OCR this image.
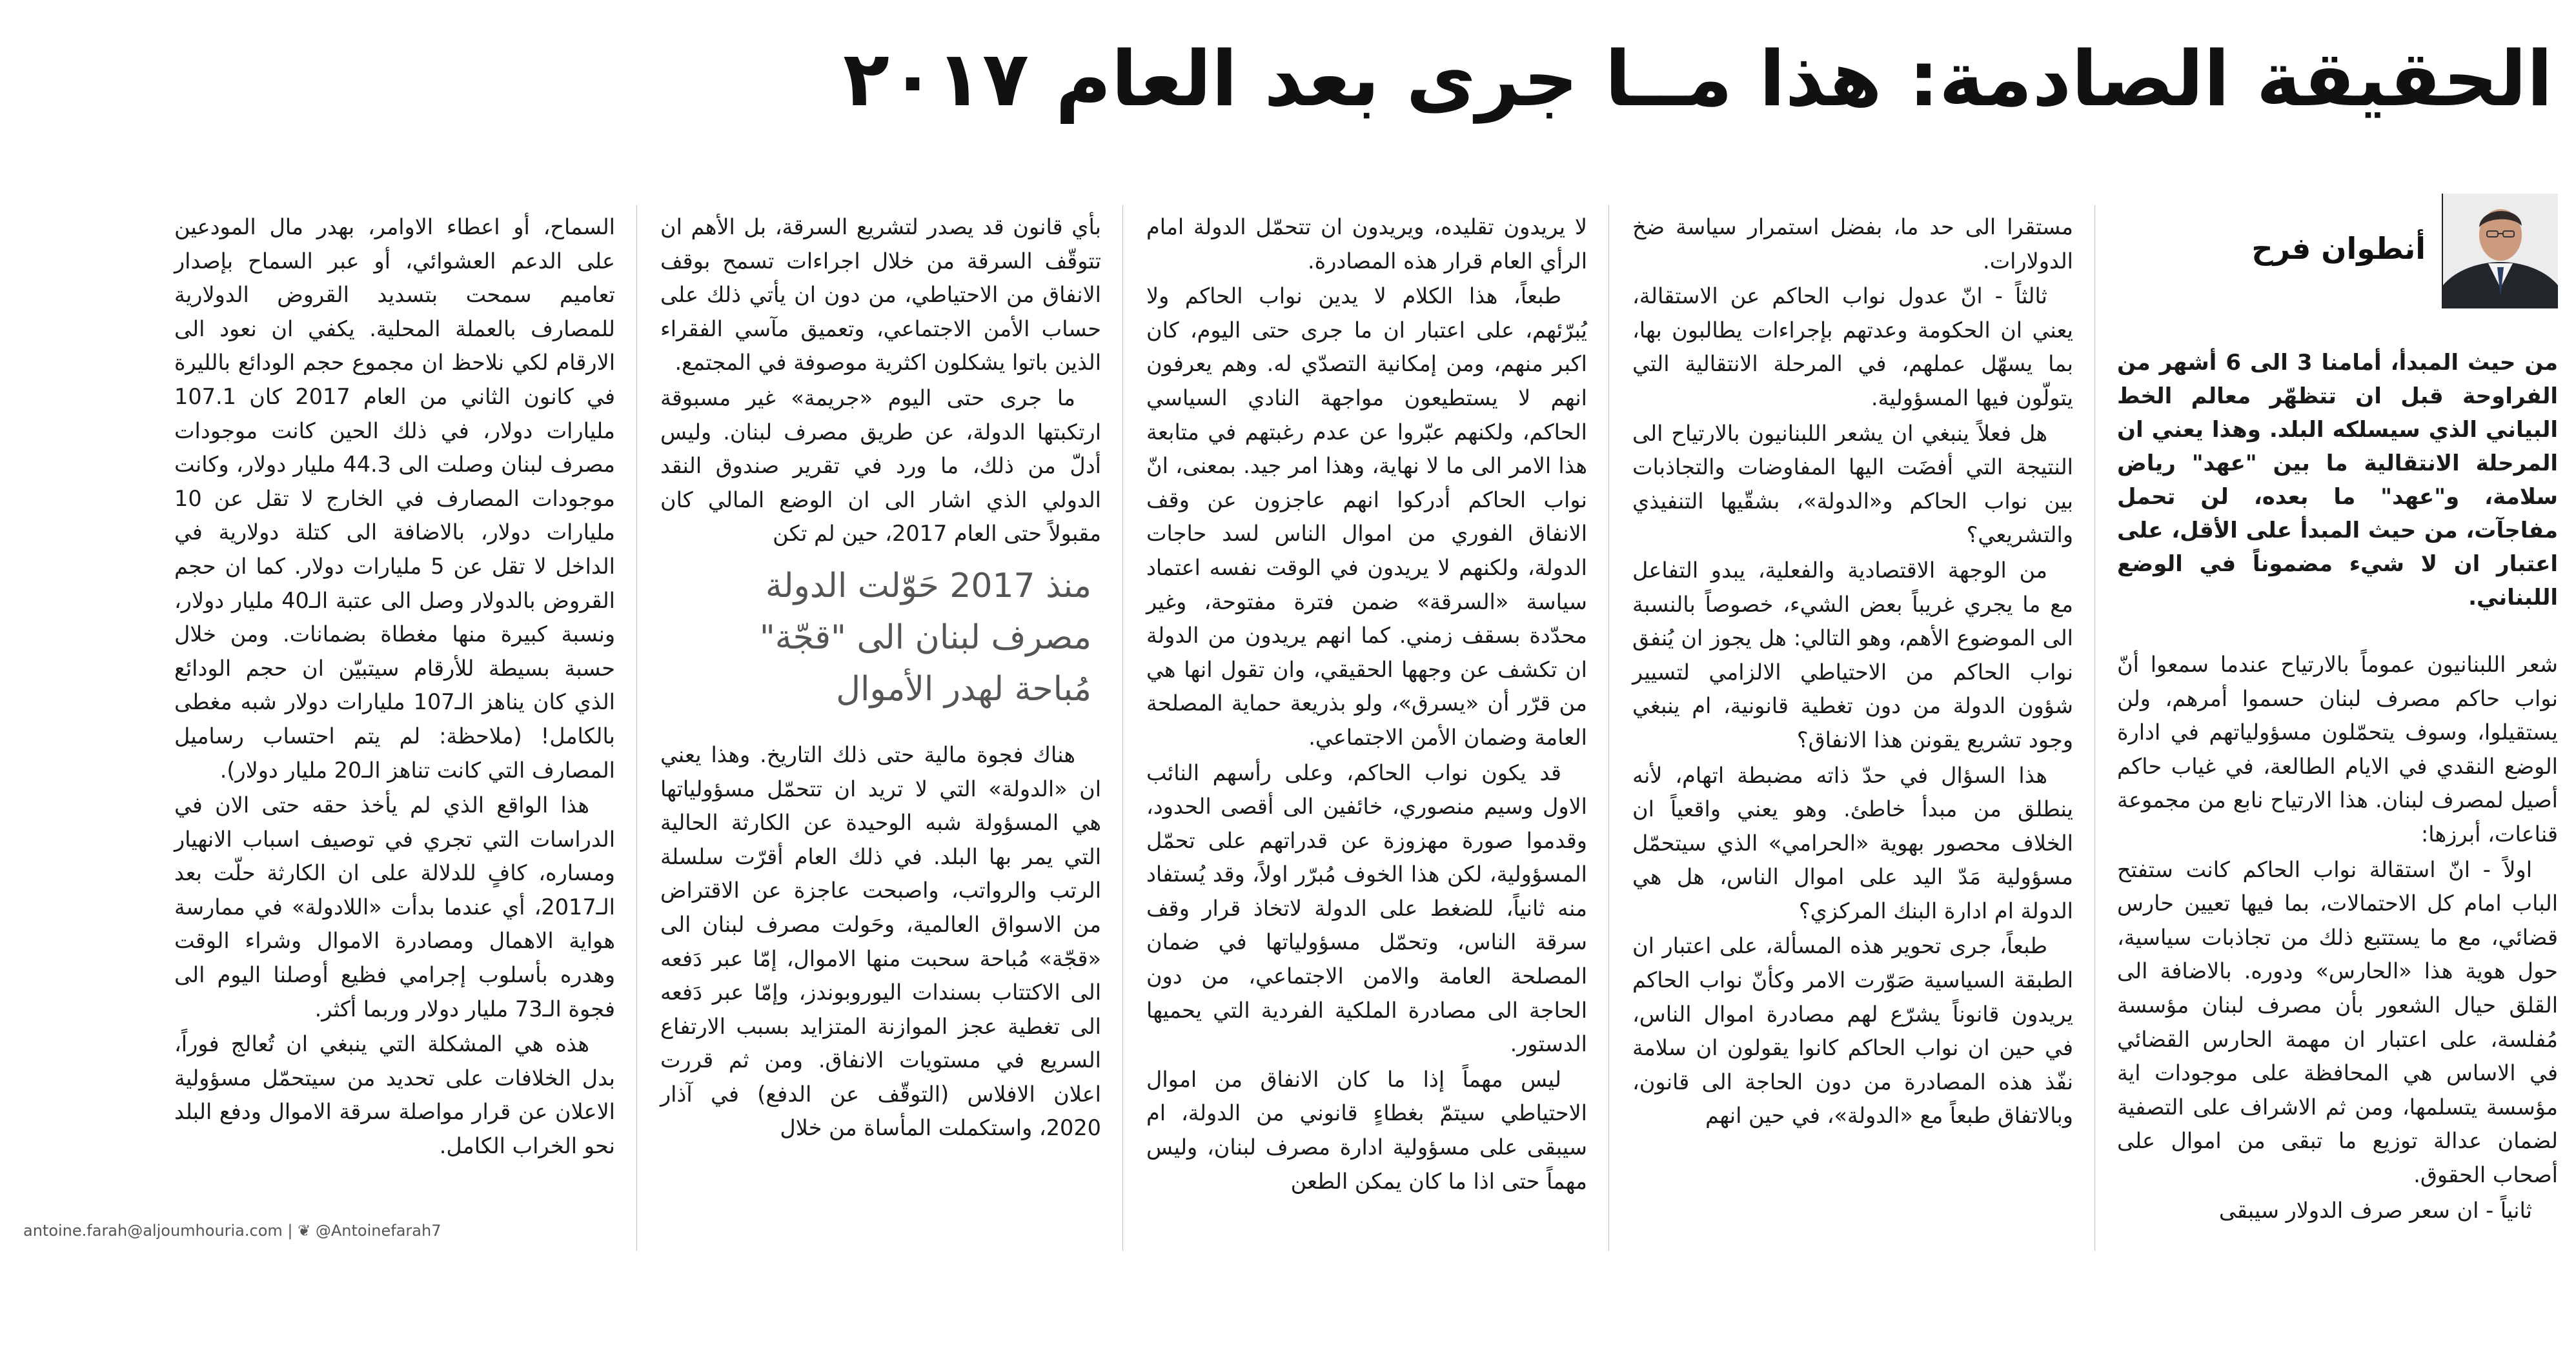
الحقيقة الصادمة: هذا مــا جرى بعد العام ٢٠١٧
أنطوان فرح

من حيث المبدأ، أمامنا 3 الى 6 أشهر من الفراوحة قبل ان تتظهّر معالم الخط البياني الذي سيسلكه البلد. وهذا يعني ان المرحلة الانتقالية ما بين "عهد" رياض سلامة، و"عهد" ما بعده، لن تحمل مفاجآت، من حيث المبدأ على الأقل، على اعتبار ان لا شيء مضموناً في الوضع اللبناني.

شعر اللبنانيون عموماً بالارتياح عندما سمعوا أنّ نواب حاكم مصرف لبنان حسموا أمرهم، ولن يستقيلوا، وسوف يتحمّلون مسؤولياتهم في ادارة الوضع النقدي في الايام الطالعة، في غياب حاكم أصيل لمصرف لبنان. هذا الارتياح نابع من مجموعة قناعات، أبرزها:

اولاً - انّ استقالة نواب الحاكم كانت ستفتح الباب امام كل الاحتمالات، بما فيها تعيين حارس قضائي، مع ما يستتبع ذلك من تجاذبات سياسية، حول هوية هذا «الحارس» ودوره. بالاضافة الى القلق حيال الشعور بأن مصرف لبنان مؤسسة مُفلسة، على اعتبار ان مهمة الحارس القضائي في الاساس هي المحافظة على موجودات اية مؤسسة يتسلمها، ومن ثم الاشراف على التصفية لضمان عدالة توزيع ما تبقى من اموال على أصحاب الحقوق.

ثانياً - ان سعر صرف الدولار سيبقى

مستقرا الى حد ما، بفضل استمرار سياسة ضخ الدولارات.

ثالثاً - انّ عدول نواب الحاكم عن الاستقالة، يعني ان الحكومة وعدتهم بإجراءات يطالبون بها، بما يسهّل عملهم، في المرحلة الانتقالية التي يتولّون فيها المسؤولية.

هل فعلاً ينبغي ان يشعر اللبنانيون بالارتياح الى النتيجة التي أفضَت اليها المفاوضات والتجاذبات بين نواب الحاكم و«الدولة»، بشقّيها التنفيذي والتشريعي؟

من الوجهة الاقتصادية والفعلية، يبدو التفاعل مع ما يجري غريباً بعض الشيء، خصوصاً بالنسبة الى الموضوع الأهم، وهو التالي: هل يجوز ان يُنفق نواب الحاكم من الاحتياطي الالزامي لتسيير شؤون الدولة من دون تغطية قانونية، ام ينبغي وجود تشريع يقونن هذا الانفاق؟

هذا السؤال في حدّ ذاته مضبطة اتهام، لأنه ينطلق من مبدأ خاطئ. وهو يعني واقعياً ان الخلاف محصور بهوية «الحرامي» الذي سيتحمّل مسؤولية مَدّ اليد على اموال الناس، هل هي الدولة ام ادارة البنك المركزي؟

طبعاً، جرى تحوير هذه المسألة، على اعتبار ان الطبقة السياسية صَوّرت الامر وكأنّ نواب الحاكم يريدون قانوناً يشرّع لهم مصادرة اموال الناس، في حين ان نواب الحاكم كانوا يقولون ان سلامة نفّذ هذه المصادرة من دون الحاجة الى قانون، وبالاتفاق طبعاً مع «الدولة»، في حين انهم

لا يريدون تقليده، ويريدون ان تتحمّل الدولة امام الرأي العام قرار هذه المصادرة.

طبعاً، هذا الكلام لا يدين نواب الحاكم ولا يُبرّئهم، على اعتبار ان ما جرى حتى اليوم، كان اكبر منهم، ومن إمكانية التصدّي له. وهم يعرفون انهم لا يستطيعون مواجهة النادي السياسي الحاكم، ولكنهم عبّروا عن عدم رغبتهم في متابعة هذا الامر الى ما لا نهاية، وهذا امر جيد. بمعنى، انّ نواب الحاكم أدركوا انهم عاجزون عن وقف الانفاق الفوري من اموال الناس لسد حاجات الدولة، ولكنهم لا يريدون في الوقت نفسه اعتماد سياسة «السرقة» ضمن فترة مفتوحة، وغير محدّدة بسقف زمني. كما انهم يريدون من الدولة ان تكشف عن وجهها الحقيقي، وان تقول انها هي من قرّر أن «يسرق»، ولو بذريعة حماية المصلحة العامة وضمان الأمن الاجتماعي.

قد يكون نواب الحاكم، وعلى رأسهم النائب الاول وسيم منصوري، خائفين الى أقصى الحدود، وقدموا صورة مهزوزة عن قدراتهم على تحمّل المسؤولية، لكن هذا الخوف مُبرّر اولاً، وقد يُستفاد منه ثانياً، للضغط على الدولة لاتخاذ قرار وقف سرقة الناس، وتحمّل مسؤولياتها في ضمان المصلحة العامة والامن الاجتماعي، من دون الحاجة الى مصادرة الملكية الفردية التي يحميها الدستور.

ليس مهماً إذا ما كان الانفاق من اموال الاحتياطي سيتمّ بغطاءٍ قانوني من الدولة، ام سيبقى على مسؤولية ادارة مصرف لبنان، وليس مهماً حتى اذا ما كان يمكن الطعن

بأي قانون قد يصدر لتشريع السرقة، بل الأهم ان تتوقّف السرقة من خلال اجراءات تسمح بوقف الانفاق من الاحتياطي، من دون ان يأتي ذلك على حساب الأمن الاجتماعي، وتعميق مآسي الفقراء الذين باتوا يشكلون اكثرية موصوفة في المجتمع.

ما جرى حتى اليوم «جريمة» غير مسبوقة ارتكبتها الدولة، عن طريق مصرف لبنان. وليس أدلّ من ذلك، ما ورد في تقرير صندوق النقد الدولي الذي اشار الى ان الوضع المالي كان مقبولاً حتى العام 2017، حين لم تكن

هناك فجوة مالية حتى ذلك التاريخ. وهذا يعني ان «الدولة» التي لا تريد ان تتحمّل مسؤولياتها هي المسؤولة شبه الوحيدة عن الكارثة الحالية التي يمر بها البلد. في ذلك العام أقرّت سلسلة الرتب والرواتب، واصبحت عاجزة عن الاقتراض من الاسواق العالمية، وحَولت مصرف لبنان الى «قجّة» مُباحة سحبت منها الاموال، إمّا عبر دَفعه الى الاكتتاب بسندات اليوروبوندز، وإمّا عبر دَفعه الى تغطية عجز الموازنة المتزايد بسبب الارتفاع السريع في مستويات الانفاق. ومن ثم قررت اعلان الافلاس (التوقّف عن الدفع) في آذار 2020، واستكملت المأساة من خلال

منذ 2017 حَوّلت الدولة
مصرف لبنان الى "قجّة"
مُباحة لهدر الأموال

السماح، أو اعطاء الاوامر، بهدر مال المودعين على الدعم العشوائي، أو عبر السماح بإصدار تعاميم سمحت بتسديد القروض الدولارية للمصارف بالعملة المحلية. يكفي ان نعود الى الارقام لكي نلاحظ ان مجموع حجم الودائع بالليرة في كانون الثاني من العام 2017 كان 107.1 مليارات دولار، في ذلك الحين كانت موجودات مصرف لبنان وصلت الى 44.3 مليار دولار، وكانت موجودات المصارف في الخارج لا تقل عن 10 مليارات دولار، بالاضافة الى كتلة دولارية في الداخل لا تقل عن 5 مليارات دولار. كما ان حجم القروض بالدولار وصل الى عتبة الـ40 مليار دولار، ونسبة كبيرة منها مغطاة بضمانات. ومن خلال حسبة بسيطة للأرقام سيتبيّن ان حجم الودائع الذي كان يناهز الـ107 مليارات دولار شبه مغطى بالكامل! (ملاحظة: لم يتم احتساب رساميل المصارف التي كانت تناهز الـ20 مليار دولار).

هذا الواقع الذي لم يأخذ حقه حتى الان في الدراسات التي تجري في توصيف اسباب الانهيار ومساره، كافٍ للدلالة على ان الكارثة حلّت بعد الـ2017، أي عندما بدأت «اللادولة» في ممارسة هواية الاهمال ومصادرة الاموال وشراء الوقت وهدره بأسلوب إجرامي فظيع أوصلنا اليوم الى فجوة الـ73 مليار دولار وربما أكثر.

هذه هي المشكلة التي ينبغي ان تُعالج فوراً، بدل الخلافات على تحديد من سيتحمّل مسؤولية الاعلان عن قرار مواصلة سرقة الاموال ودفع البلد نحو الخراب الكامل.

antoine.farah@aljoumhouria.com | ❦ @Antoinefarah7
